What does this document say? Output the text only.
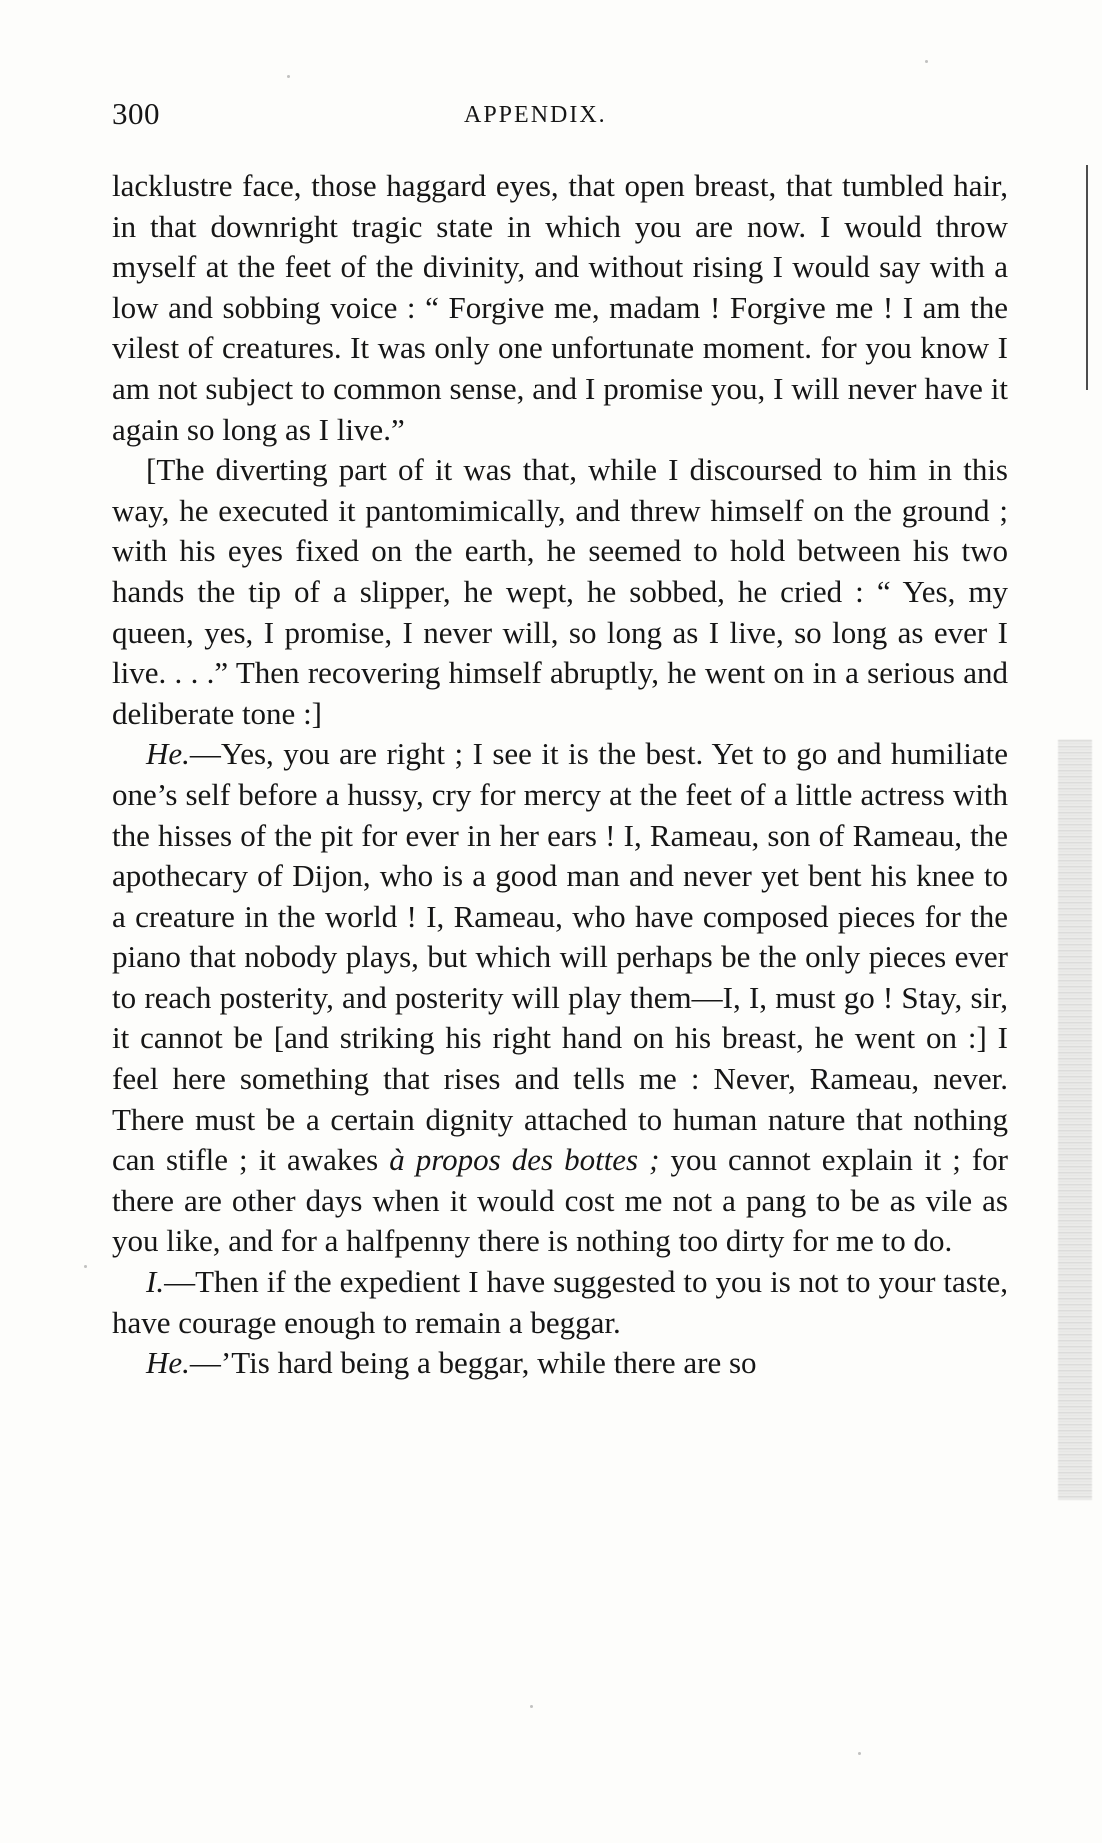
300	APPENDIX.

lacklustre face, those haggard eyes, that open breast, that tumbled hair, in that downright tragic state in which you are now. I would throw myself at the feet of the divinity, and without rising I would say with a low and sobbing voice : “ Forgive me, madam ! Forgive me ! I am the vilest of creatures. It was only one unfortunate moment. for you know I am not subject to common sense, and I promise you, I will never have it again so long as I live.”

[The diverting part of it was that, while I discoursed to him in this way, he executed it pantomimically, and threw himself on the ground ; with his eyes fixed on the earth, he seemed to hold between his two hands the tip of a slipper, he wept, he sobbed, he cried : “ Yes, my queen, yes, I promise, I never will, so long as I live, so long as ever I live. . . .” Then recovering himself abruptly, he went on in a serious and deliberate tone :]

He.—Yes, you are right ; I see it is the best. Yet to go and humiliate one’s self before a hussy, cry for mercy at the feet of a little actress with the hisses of the pit for ever in her ears ! I, Rameau, son of Rameau, the apothecary of Dijon, who is a good man and never yet bent his knee to a creature in the world ! I, Rameau, who have composed pieces for the piano that nobody plays, but which will perhaps be the only pieces ever to reach posterity, and posterity will play them—I, I, must go ! Stay, sir, it cannot be [and striking his right hand on his breast, he went on :] I feel here something that rises and tells me : Never, Rameau, never. There must be a certain dignity attached to human nature that nothing can stifle ; it awakes à propos des bottes ; you cannot explain it ; for there are other days when it would cost me not a pang to be as vile as you like, and for a halfpenny there is nothing too dirty for me to do.

I.—Then if the expedient I have suggested to you is not to your taste, have courage enough to remain a beggar.

He.—’Tis hard being a beggar, while there are so
